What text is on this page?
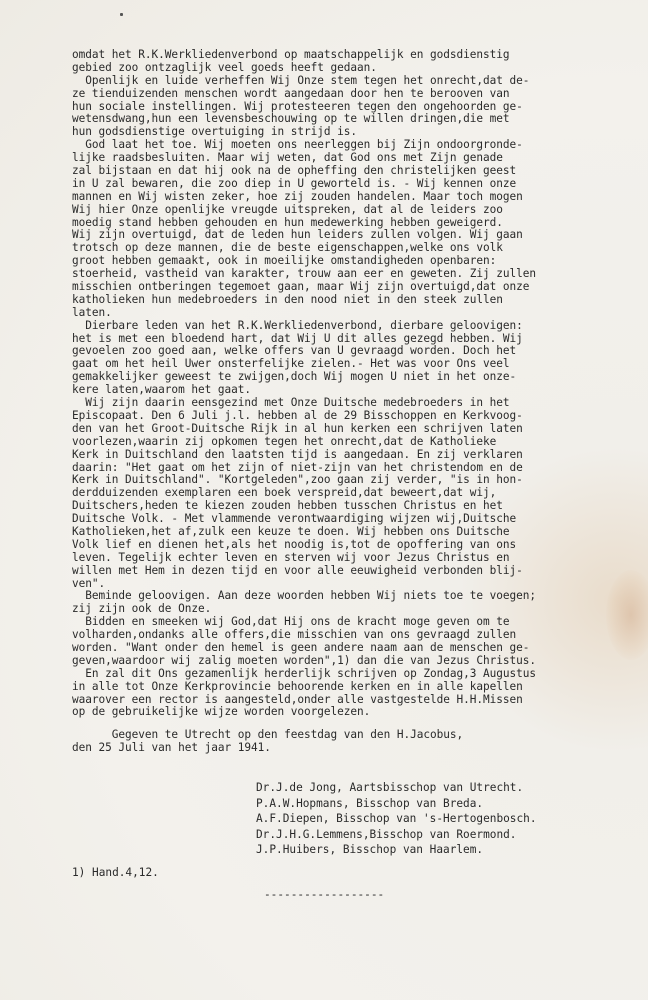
omdat het R.K.Werkliedenverbond op maatschappelijk en godsdienstig
gebied zoo ontzaglijk veel goeds heeft gedaan.
Openlijk en luide verheffen Wij Onze stem tegen het onrecht,dat de-
ze tienduizenden menschen wordt aangedaan door hen te berooven van
hun sociale instellingen. Wij protesteeren tegen den ongehoorden ge-
wetensdwang,hun een levensbeschouwing op te willen dringen,die met
hun godsdienstige overtuiging in strijd is.
God laat het toe. Wij moeten ons neerleggen bij Zijn ondoorgronde-
lijke raadsbesluiten. Maar wij weten, dat God ons met Zijn genade
zal bijstaan en dat hij ook na de opheffing den christelijken geest
in U zal bewaren, die zoo diep in U geworteld is. - Wij kennen onze
mannen en Wij wisten zeker, hoe zij zouden handelen. Maar toch mogen
Wij hier Onze openlijke vreugde uitspreken, dat al de leiders zoo
moedig stand hebben gehouden en hun medewerking hebben geweigerd.
Wij zijn overtuigd, dat de leden hun leiders zullen volgen. Wij gaan
trotsch op deze mannen, die de beste eigenschappen,welke ons volk
groot hebben gemaakt, ook in moeilijke omstandigheden openbaren:
stoerheid, vastheid van karakter, trouw aan eer en geweten. Zij zullen
misschien ontberingen tegemoet gaan, maar Wij zijn overtuigd,dat onze
katholieken hun medebroeders in den nood niet in den steek zullen
laten.
Dierbare leden van het R.K.Werkliedenverbond, dierbare geloovigen:
het is met een bloedend hart, dat Wij U dit alles gezegd hebben. Wij
gevoelen zoo goed aan, welke offers van U gevraagd worden. Doch het
gaat om het heil Uwer onsterfelijke zielen.- Het was voor Ons veel
gemakkelijker geweest te zwijgen,doch Wij mogen U niet in het onze-
kere laten,waarom het gaat.
Wij zijn daarin eensgezind met Onze Duitsche medebroeders in het
Episcopaat. Den 6 Juli j.l. hebben al de 29 Bisschoppen en Kerkvoog-
den van het Groot-Duitsche Rijk in al hun kerken een schrijven laten
voorlezen,waarin zij opkomen tegen het onrecht,dat de Katholieke
Kerk in Duitschland den laatsten tijd is aangedaan. En zij verklaren
daarin: "Het gaat om het zijn of niet-zijn van het christendom en de
Kerk in Duitschland". "Kortgeleden",zoo gaan zij verder, "is in hon-
derdduizenden exemplaren een boek verspreid,dat beweert,dat wij,
Duitschers,heden te kiezen zouden hebben tusschen Christus en het
Duitsche Volk. - Met vlammende verontwaardiging wijzen wij,Duitsche
Katholieken,het af,zulk een keuze te doen. Wij hebben ons Duitsche
Volk lief en dienen het,als het noodig is,tot de opoffering van ons
leven. Tegelijk echter leven en sterven wij voor Jezus Christus en
willen met Hem in dezen tijd en voor alle eeuwigheid verbonden blij-
ven".
Beminde geloovigen. Aan deze woorden hebben Wij niets toe te voegen;
zij zijn ook de Onze.
Bidden en smeeken wij God,dat Hij ons de kracht moge geven om te
volharden,ondanks alle offers,die misschien van ons gevraagd zullen
worden. "Want onder den hemel is geen andere naam aan de menschen ge-
geven,waardoor wij zalig moeten worden",1) dan die van Jezus Christus.
En zal dit Ons gezamenlijk herderlijk schrijven op Zondag,3 Augustus
in alle tot Onze Kerkprovincie behoorende kerken en in alle kapellen
waarover een rector is aangesteld,onder alle vastgestelde H.H.Missen
op de gebruikelijke wijze worden voorgelezen.
Gegeven te Utrecht op den feestdag van den H.Jacobus,
den 25 Juli van het jaar 1941.
Dr.J.de Jong, Aartsbisschop van Utrecht.
P.A.W.Hopmans, Bisschop van Breda.
A.F.Diepen, Bisschop van 's-Hertogenbosch.
Dr.J.H.G.Lemmens,Bisschop van Roermond.
J.P.Huibers, Bisschop van Haarlem.
1) Hand.4,12.
------------------
